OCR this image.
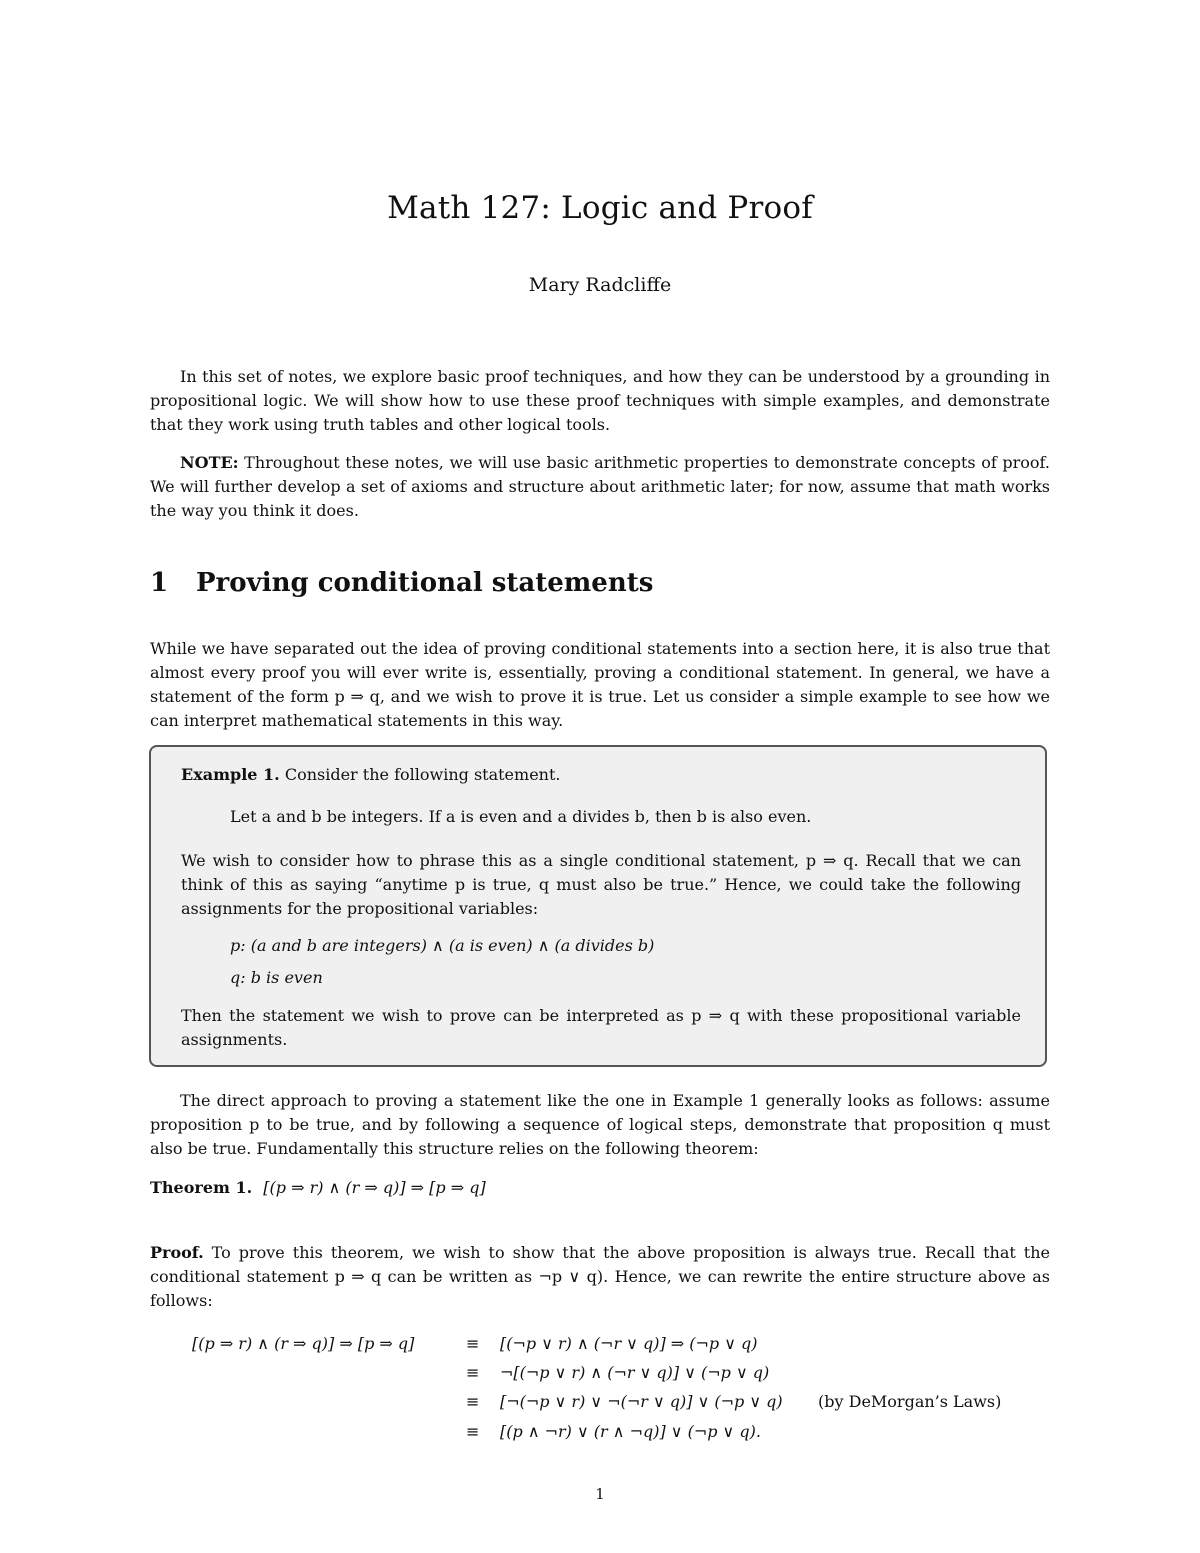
Math 127: Logic and Proof

Mary Radcliffe

In this set of notes, we explore basic proof techniques, and how they can be understood by a grounding in propositional logic. We will show how to use these proof techniques with simple examples, and demonstrate that they work using truth tables and other logical tools.

NOTE: Throughout these notes, we will use basic arithmetic properties to demonstrate concepts of proof. We will further develop a set of axioms and structure about arithmetic later; for now, assume that math works the way you think it does.

1 Proving conditional statements

While we have separated out the idea of proving conditional statements into a section here, it is also true that almost every proof you will ever write is, essentially, proving a conditional statement. In general, we have a statement of the form p ⇒ q, and we wish to prove it is true. Let us consider a simple example to see how we can interpret mathematical statements in this way.

Example 1. Consider the following statement.

Let a and b be integers. If a is even and a divides b, then b is also even.

We wish to consider how to phrase this as a single conditional statement, p ⇒ q. Recall that we can think of this as saying “anytime p is true, q must also be true.” Hence, we could take the following assignments for the propositional variables:

p: (a and b are integers) ∧ (a is even) ∧ (a divides b)

q: b is even

Then the statement we wish to prove can be interpreted as p ⇒ q with these propositional variable assignments.

The direct approach to proving a statement like the one in Example 1 generally looks as follows: assume proposition p to be true, and by following a sequence of logical steps, demonstrate that proposition q must also be true. Fundamentally this structure relies on the following theorem:

Theorem 1. [(p ⇒ r) ∧ (r ⇒ q)] ⇒ [p ⇒ q]

Proof. To prove this theorem, we wish to show that the above proposition is always true. Recall that the conditional statement p ⇒ q can be written as ¬p ∨ q). Hence, we can rewrite the entire structure above as follows:

[(p ⇒ r) ∧ (r ⇒ q)] ⇒ [p ⇒ q]	≡ [(¬p ∨ r) ∧ (¬r ∨ q)] ⇒ (¬p ∨ q)
≡ ¬[(¬p ∨ r) ∧ (¬r ∨ q)] ∨ (¬p ∨ q)
≡ [¬(¬p ∨ r) ∨ ¬(¬r ∨ q)] ∨ (¬p ∨ q) (by DeMorgan’s Laws)
≡ [(p ∧ ¬r) ∨ (r ∧ ¬q)] ∨ (¬p ∨ q).
1
